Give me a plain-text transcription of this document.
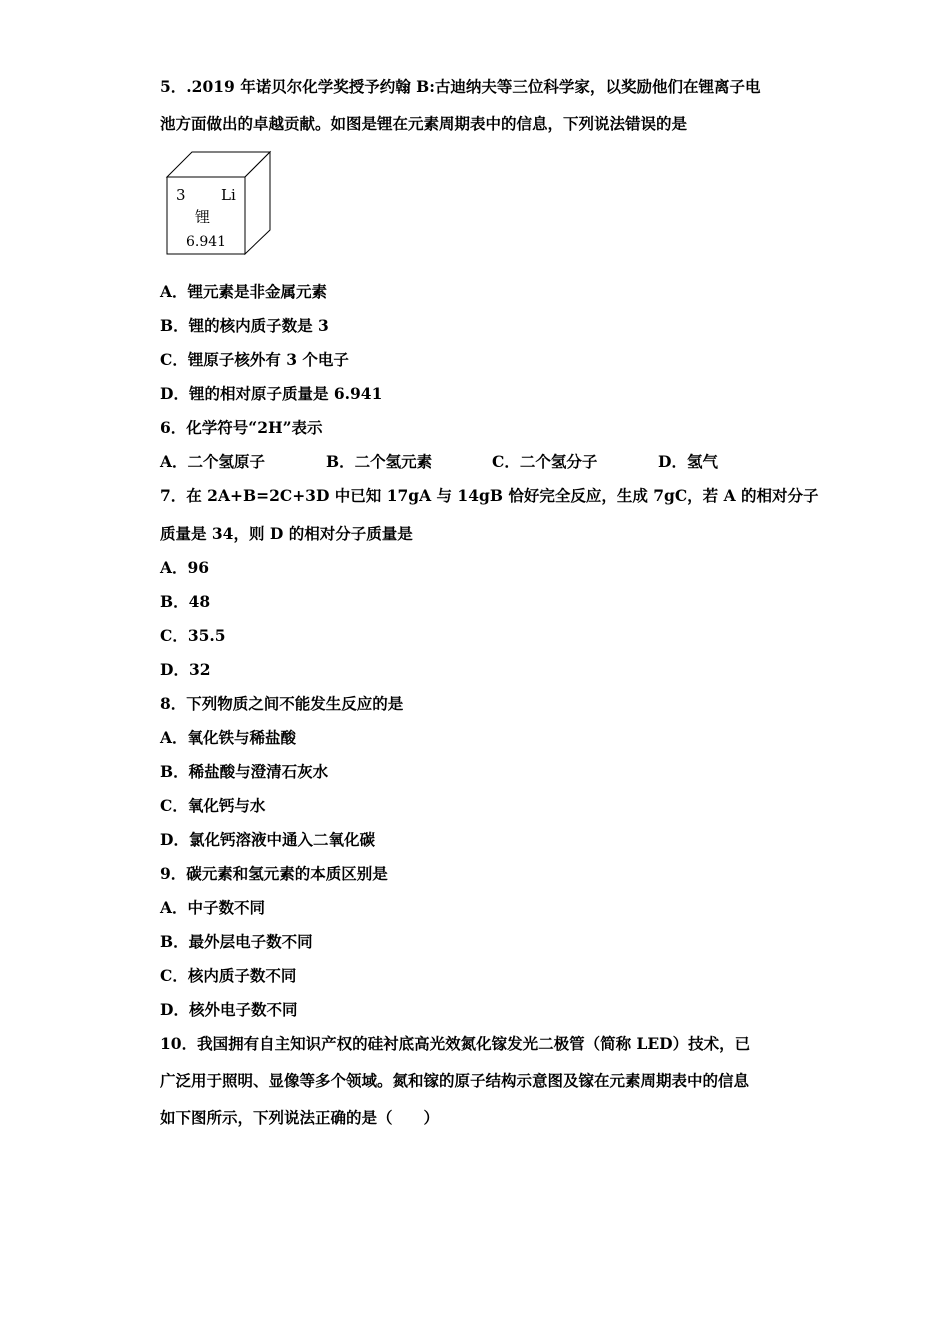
5．.2019 年诺贝尔化学奖授予约翰 B:古迪纳夫等三位科学家，以奖励他们在锂离子电
池方面做出的卓越贡献。如图是锂在元素周期表中的信息，下列说法错误的是
3 Li
锂
6.941
A．锂元素是非金属元素
B．锂的核内质子数是 3
C．锂原子核外有 3 个电子
D．锂的相对原子质量是 6.941
6．化学符号“2H”表示
A．二个氢原子	B．二个氢元素	C．二个氢分子	D．氢气
7．在 2A+B=2C+3D 中已知 17gA 与 14gB 恰好完全反应，生成 7gC，若 A 的相对分子
质量是 34，则 D 的相对分子质量是
A．96
B．48
C．35.5
D．32
8．下列物质之间不能发生反应的是
A．氧化铁与稀盐酸
B．稀盐酸与澄清石灰水
C．氧化钙与水
D．氯化钙溶液中通入二氧化碳
9．碳元素和氢元素的本质区别是
A．中子数不同
B．最外层电子数不同
C．核内质子数不同
D．核外电子数不同
10．我国拥有自主知识产权的硅衬底高光效氮化镓发光二极管（简称 LED）技术，已
广泛用于照明、显像等多个领域。氮和镓的原子结构示意图及镓在元素周期表中的信息
如下图所示，下列说法正确的是（　　）
